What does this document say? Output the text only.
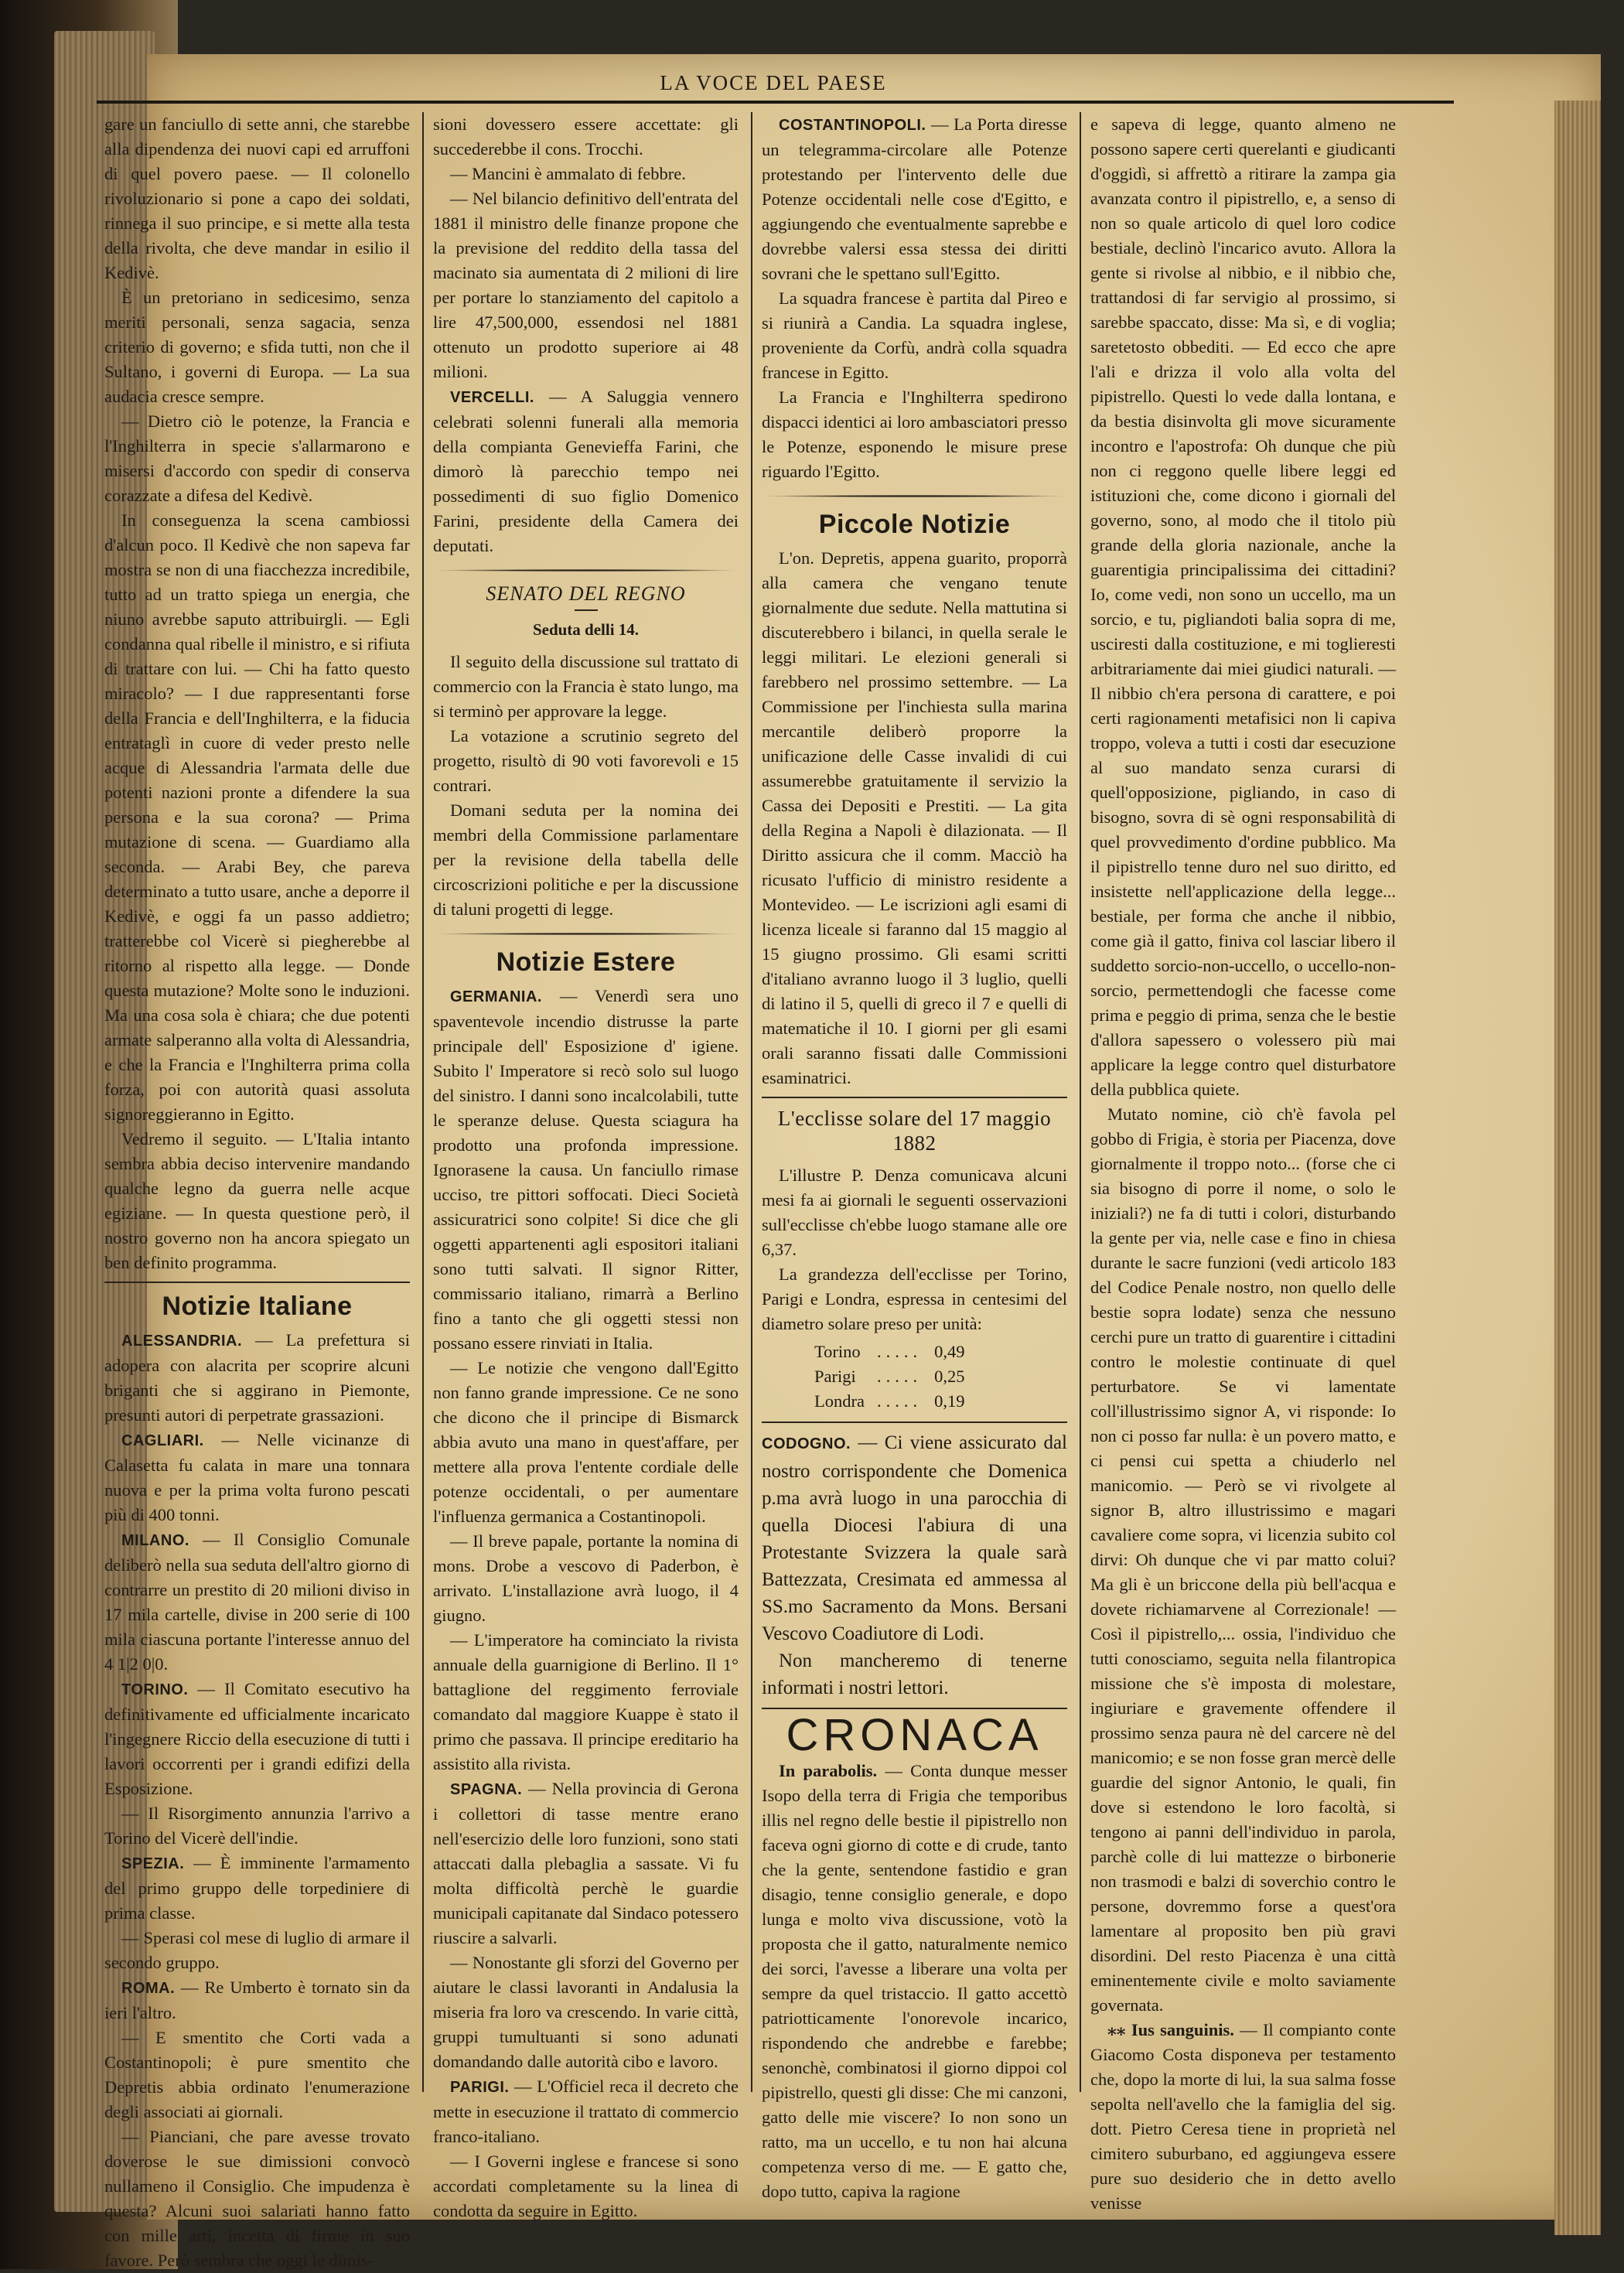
LA VOCE DEL PAESE

gare un fanciullo di sette anni, che starebbe alla dipendenza dei nuovi capi ed arruffoni di quel povero paese. — Il colonello rivoluzionario si pone a capo dei soldati, rinnega il suo principe, e si mette alla testa della rivolta, che deve mandar in esilio il Kedivè.

È un pretoriano in sedicesimo, senza meriti personali, senza sagacia, senza criterio di governo; e sfida tutti, non che il Sultano, i governi di Europa. — La sua audacia cresce sempre.

— Dietro ciò le potenze, la Francia e l'Inghilterra in specie s'allarmarono e misersi d'accordo con spedir di conserva corazzate a difesa del Kedivè.

In conseguenza la scena cambiossi d'alcun poco. Il Kedivè che non sapeva far mostra se non di una fiacchezza incredibile, tutto ad un tratto spiega un energia, che niuno avrebbe saputo attribuirgli. — Egli condanna qual ribelle il ministro, e si rifiuta di trattare con lui. — Chi ha fatto questo miracolo? — I due rappresentanti forse della Francia e dell'Inghilterra, e la fiducia entrataglì in cuore di veder presto nelle acque di Alessandria l'armata delle due potenti nazioni pronte a difendere la sua persona e la sua corona? — Prima mutazione di scena. — Guardiamo alla seconda. — Arabi Bey, che pareva determinato a tutto usare, anche a deporre il Kedivè, e oggi fa un passo addietro; tratterebbe col Vicerè si piegherebbe al ritorno al rispetto alla legge. — Donde questa mutazione? Molte sono le induzioni. Ma una cosa sola è chiara; che due potenti armate salperanno alla volta di Alessandria, e che la Francia e l'Inghilterra prima colla forza, poi con autorità quasi assoluta signoreggieranno in Egitto.

Vedremo il seguito. — L'Italia intanto sembra abbia deciso intervenire mandando qualche legno da guerra nelle acque egiziane. — In questa questione però, il nostro governo non ha ancora spiegato un ben definito programma.

Notizie Italiane

ALESSANDRIA. — La prefettura si adopera con alacrita per scoprire alcuni briganti che si aggirano in Piemonte, presunti autori di perpetrate grassazioni.

CAGLIARI. — Nelle vicinanze di Calasetta fu calata in mare una tonnara nuova e per la prima volta furono pescati più di 400 tonni.

MILANO. — Il Consiglio Comunale deliberò nella sua seduta dell'altro giorno di contrarre un prestito di 20 milioni diviso in 17 mila cartelle, divise in 200 serie di 100 mila ciascuna portante l'interesse annuo del 4 1|2 0|0.

TORINO. — Il Comitato esecutivo ha definitivamente ed ufficialmente incaricato l'ingegnere Riccio della esecuzione di tutti i lavori occorrenti per i grandi edifizi della Esposizione.

— Il Risorgimento annunzia l'arrivo a Torino del Vicerè dell'indie.

SPEZIA. — È imminente l'armamento del primo gruppo delle torpediniere di prima classe.

— Sperasi col mese di luglio di armare il secondo gruppo.

ROMA. — Re Umberto è tornato sin da ieri l'altro.

— E smentito che Corti vada a Costantinopoli; è pure smentito che Depretis abbia ordinato l'enumerazione degli associati ai giornali.

— Pianciani, che pare avesse trovato doverose le sue dimissioni convocò nullameno il Consiglio. Che impudenza è questa? Alcuni suoi salariati hanno fatto con mille arti, incetta di firme in suo favore. Però sembra che oggi le dimis-

sioni dovessero essere accettate: gli succederebbe il cons. Trocchi.

— Mancini è ammalato di febbre.

— Nel bilancio definitivo dell'entrata del 1881 il ministro delle finanze propone che la previsione del reddito della tassa del macinato sia aumentata di 2 milioni di lire per portare lo stanziamento del capitolo a lire 47,500,000, essendosi nel 1881 ottenuto un prodotto superiore ai 48 milioni.

VERCELLI. — A Saluggia vennero celebrati solenni funerali alla memoria della compianta Genevieffa Farini, che dimorò là parecchio tempo nei possedimenti di suo figlio Domenico Farini, presidente della Camera dei deputati.

SENATO DEL REGNO
Seduta delli 14.

Il seguito della discussione sul trattato di commercio con la Francia è stato lungo, ma si terminò per approvare la legge.

La votazione a scrutinio segreto del progetto, risultò di 90 voti favorevoli e 15 contrari.

Domani seduta per la nomina dei membri della Commissione parlamentare per la revisione della tabella delle circoscrizioni politiche e per la discussione di taluni progetti di legge.

Notizie Estere

GERMANIA. — Venerdì sera uno spaventevole incendio distrusse la parte principale dell' Esposizione d' igiene. Subito l' Imperatore si recò solo sul luogo del sinistro. I danni sono incalcolabili, tutte le speranze deluse. Questa sciagura ha prodotto una profonda impressione. Ignorasene la causa. Un fanciullo rimase ucciso, tre pittori soffocati. Dieci Società assicuratrici sono colpite! Si dice che gli oggetti appartenenti agli espositori italiani sono tutti salvati. Il signor Ritter, commissario italiano, rimarrà a Berlino fino a tanto che gli oggetti stessi non possano essere rinviati in Italia.

— Le notizie che vengono dall'Egitto non fanno grande impressione. Ce ne sono che dicono che il principe di Bismarck abbia avuto una mano in quest'affare, per mettere alla prova l'entente cordiale delle potenze occidentali, o per aumentare l'influenza germanica a Costantinopoli.

— Il breve papale, portante la nomina di mons. Drobe a vescovo di Paderbon, è arrivato. L'installazione avrà luogo, il 4 giugno.

— L'imperatore ha cominciato la rivista annuale della guarnigione di Berlino. Il 1° battaglione del reggimento ferroviale comandato dal maggiore Kuappe è stato il primo che passava. Il principe ereditario ha assistito alla rivista.

SPAGNA. — Nella provincia di Gerona i collettori di tasse mentre erano nell'esercizio delle loro funzioni, sono stati attaccati dalla plebaglia a sassate. Vi fu molta difficoltà perchè le guardie municipali capitanate dal Sindaco potessero riuscire a salvarli.

— Nonostante gli sforzi del Governo per aiutare le classi lavoranti in Andalusia la miseria fra loro va crescendo. In varie città, gruppi tumultuanti si sono adunati domandando dalle autorità cibo e lavoro.

PARIGI. — L'Officiel reca il decreto che mette in esecuzione il trattato di commercio franco-italiano.

— I Governi inglese e francese si sono accordati completamente su la linea di condotta da seguire in Egitto.

COSTANTINOPOLI. — La Porta diresse un telegramma-circolare alle Potenze protestando per l'intervento delle due Potenze occidentali nelle cose d'Egitto, e aggiungendo che eventualmente saprebbe e dovrebbe valersi essa stessa dei diritti sovrani che le spettano sull'Egitto.

La squadra francese è partita dal Pireo e si riunirà a Candia. La squadra inglese, proveniente da Corfù, andrà colla squadra francese in Egitto.

La Francia e l'Inghilterra spedirono dispacci identici ai loro ambasciatori presso le Potenze, esponendo le misure prese riguardo l'Egitto.

Piccole Notizie

L'on. Depretis, appena guarito, proporrà alla camera che vengano tenute giornalmente due sedute. Nella mattutina si discuterebbero i bilanci, in quella serale le leggi militari. Le elezioni generali si farebbero nel prossimo settembre. — La Commissione per l'inchiesta sulla marina mercantile deliberò proporre la unificazione delle Casse invalidi di cui assumerebbe gratuitamente il servizio la Cassa dei Depositi e Prestiti. — La gita della Regina a Napoli è dilazionata. — Il Diritto assicura che il comm. Macciò ha ricusato l'ufficio di ministro residente a Montevideo. — Le iscrizioni agli esami di licenza liceale si faranno dal 15 maggio al 15 giugno prossimo. Gli esami scritti d'italiano avranno luogo il 3 luglio, quelli di latino il 5, quelli di greco il 7 e quelli di matematiche il 10. I giorni per gli esami orali saranno fissati dalle Commissioni esaminatrici.

L'ecclisse solare del 17 maggio 1882

L'illustre P. Denza comunicava alcuni mesi fa ai giornali le seguenti osservazioni sull'ecclisse ch'ebbe luogo stamane alle ore 6,37.

La grandezza dell'ecclisse per Torino, Parigi e Londra, espressa in centesimi del diametro solare preso per unità:

Torino	.....	0,49
Parigi	.....	0,25
Londra	.....	0,19

CODOGNO. — Ci viene assicurato dal nostro corrispondente che Domenica p.ma avrà luogo in una parocchia di quella Diocesi l'abiura di una Protestante Svizzera la quale sarà Battezzata, Cresimata ed ammessa al SS.mo Sacramento da Mons. Bersani Vescovo Coadiutore di Lodi.

Non mancheremo di tenerne informati i nostri lettori.

CRONACA

In parabolis. — Conta dunque messer Isopo della terra di Frigia che temporibus illis nel regno delle bestie il pipistrello non faceva ogni giorno di cotte e di crude, tanto che la gente, sentendone fastidio e gran disagio, tenne consiglio generale, e dopo lunga e molto viva discussione, votò la proposta che il gatto, naturalmente nemico dei sorci, l'avesse a liberare una volta per sempre da quel tristaccio. Il gatto accettò patriotticamente l'onorevole incarico, rispondendo che andrebbe e farebbe; senonchè, combinatosi il giorno dippoi col pipistrello, questi gli disse: Che mi canzoni, gatto delle mie viscere? Io non sono un ratto, ma un uccello, e tu non hai alcuna competenza verso di me. — E gatto che, dopo tutto, capiva la ragione

e sapeva di legge, quanto almeno ne possono sapere certi querelanti e giudicanti d'oggidì, si affrettò a ritirare la zampa gia avanzata contro il pipistrello, e, a senso di non so quale articolo di quel loro codice bestiale, declinò l'incarico avuto. Allora la gente si rivolse al nibbio, e il nibbio che, trattandosi di far servigio al prossimo, si sarebbe spaccato, disse: Ma sì, e di voglia; saretetosto obbediti. — Ed ecco che apre l'ali e drizza il volo alla volta del pipistrello. Questi lo vede dalla lontana, e da bestia disinvolta gli move sicuramente incontro e l'apostrofa: Oh dunque che più non ci reggono quelle libere leggi ed istituzioni che, come dicono i giornali del governo, sono, al modo che il titolo più grande della gloria nazionale, anche la guarentigia principalissima dei cittadini? Io, come vedi, non sono un uccello, ma un sorcio, e tu, pigliandoti balia sopra di me, usciresti dalla costituzione, e mi toglieresti arbitrariamente dai miei giudici naturali. — Il nibbio ch'era persona di carattere, e poi certi ragionamenti metafisici non li capiva troppo, voleva a tutti i costi dar esecuzione al suo mandato senza curarsi di quell'opposizione, pigliando, in caso di bisogno, sovra di sè ogni responsabilità di quel provvedimento d'ordine pubblico. Ma il pipistrello tenne duro nel suo diritto, ed insistette nell'applicazione della legge... bestiale, per forma che anche il nibbio, come già il gatto, finiva col lasciar libero il suddetto sorcio-non-uccello, o uccello-non-sorcio, permettendogli che facesse come prima e peggio di prima, senza che le bestie d'allora sapessero o volessero più mai applicare la legge contro quel disturbatore della pubblica quiete.

Mutato nomine, ciò ch'è favola pel gobbo di Frigia, è storia per Piacenza, dove giornalmente il troppo noto... (forse che ci sia bisogno di porre il nome, o solo le iniziali?) ne fa di tutti i colori, disturbando la gente per via, nelle case e fino in chiesa durante le sacre funzioni (vedi articolo 183 del Codice Penale nostro, non quello delle bestie sopra lodate) senza che nessuno cerchi pure un tratto di guarentire i cittadini contro le molestie continuate di quel perturbatore. Se vi lamentate coll'illustrissimo signor A, vi risponde: Io non ci posso far nulla: è un povero matto, e ci pensi cui spetta a chiuderlo nel manicomio. — Però se vi rivolgete al signor B, altro illustrissimo e magari cavaliere come sopra, vi licenzia subito col dirvi: Oh dunque che vi par matto colui? Ma gli è un briccone della più bell'acqua e dovete richiamarvene al Correzionale! — Così il pipistrello,... ossia, l'individuo che tutti conosciamo, seguita nella filantropica missione che s'è imposta di molestare, ingiuriare e gravemente offendere il prossimo senza paura nè del carcere nè del manicomio; e se non fosse gran mercè delle guardie del signor Antonio, le quali, fin dove si estendono le loro facoltà, si tengono ai panni dell'individuo in parola, parchè colle di lui mattezze o birbonerie non trasmodi e balzi di soverchio contro le persone, dovremmo forse a quest'ora lamentare al proposito ben più gravi disordini. Del resto Piacenza è una città eminentemente civile e molto saviamente governata.

⁎⁎ Ius sanguinis. — Il compianto conte Giacomo Costa disponeva per testamento che, dopo la morte di lui, la sua salma fosse sepolta nell'avello che la famiglia del sig. dott. Pietro Ceresa tiene in proprietà nel cimitero suburbano, ed aggiungeva essere pure suo desiderio che in detto avello venisse
